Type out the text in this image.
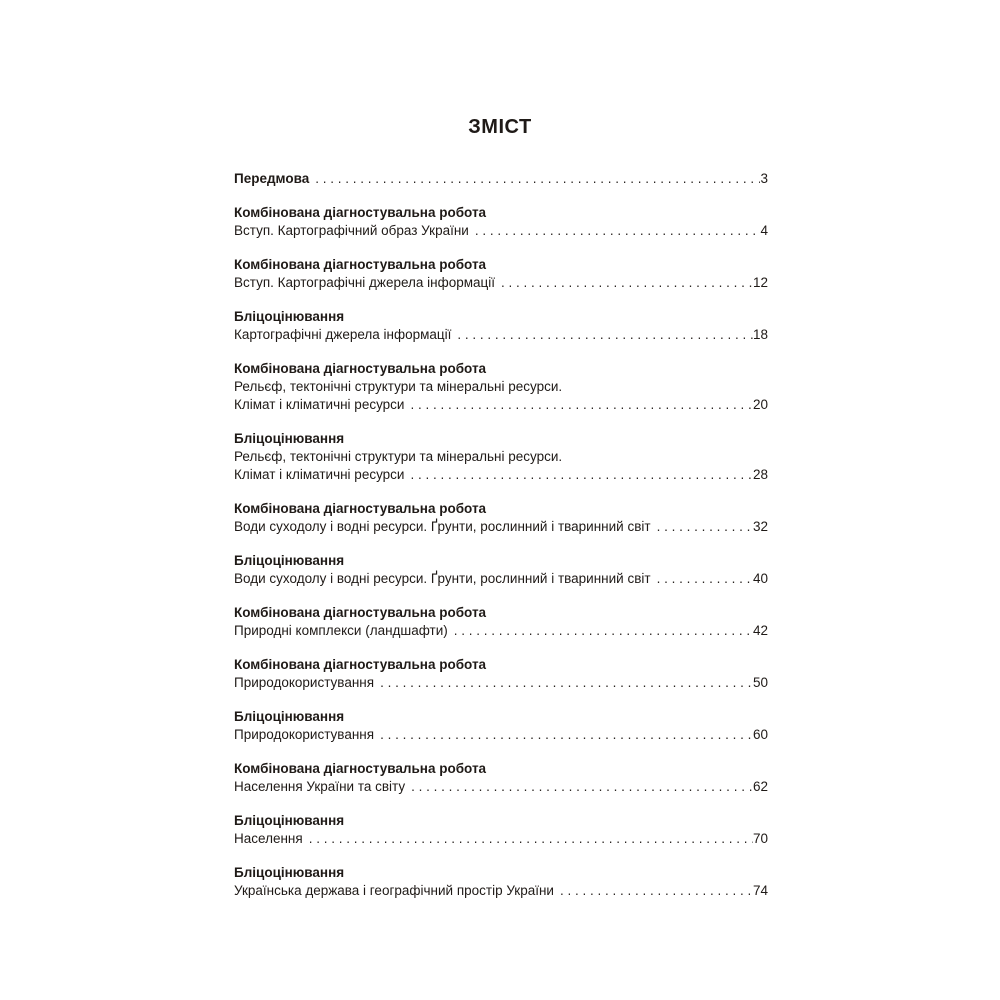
ЗМІСТ
Передмова . . .	3
Комбінована діагностувальна робота
Вступ. Картографічний образ України . . .	4
Комбінована діагностувальна робота
Вступ. Картографічні джерела інформації . . .	12
Бліцоцінювання
Картографічні джерела інформації . . .	18
Комбінована діагностувальна робота
Рельєф, тектонічні структури та мінеральні ресурси.
Клімат і кліматичні ресурси . . .	20
Бліцоцінювання
Рельєф, тектонічні структури та мінеральні ресурси.
Клімат і кліматичні ресурси . . .	28
Комбінована діагностувальна робота
Води суходолу і водні ресурси. Ґрунти, рослинний і тваринний світ . . .	32
Бліцоцінювання
Води суходолу і водні ресурси. Ґрунти, рослинний і тваринний світ . . .	40
Комбінована діагностувальна робота
Природні комплекси (ландшафти) . . .	42
Комбінована діагностувальна робота
Природокористування . . .	50
Бліцоцінювання
Природокористування . . .	60
Комбінована діагностувальна робота
Населення України та світу . . .	62
Бліцоцінювання
Населення . . .	70
Бліцоцінювання
Українська держава і географічний простір України . . .	74
